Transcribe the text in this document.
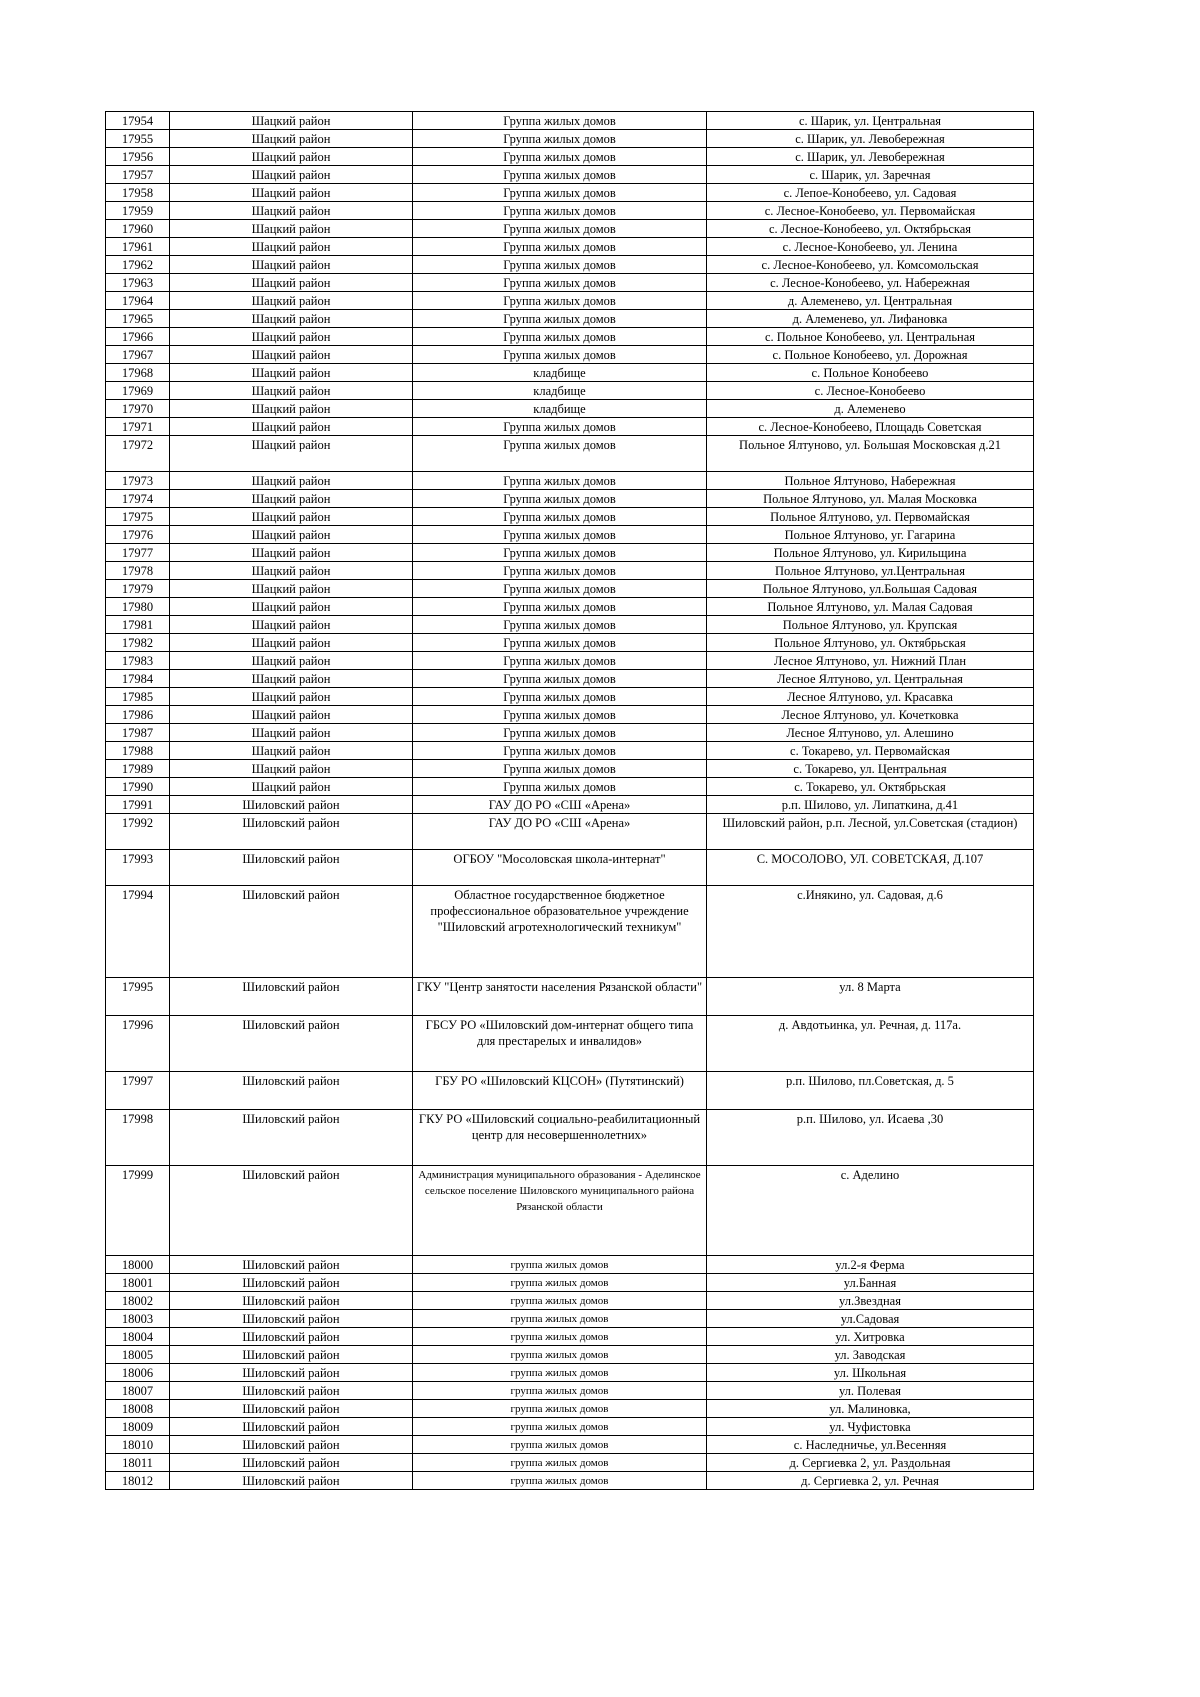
17954	Шацкий район	Группа жилых домов	с. Шарик, ул. Центральная
17955	Шацкий район	Группа жилых домов	с. Шарик, ул. Левобережная
17956	Шацкий район	Группа жилых домов	с. Шарик, ул. Левобережная
17957	Шацкий район	Группа жилых домов	с. Шарик, ул. Заречная
17958	Шацкий район	Группа жилых домов	с. Лепое-Конобеево, ул. Садовая
17959	Шацкий район	Группа жилых домов	с. Лесное-Конобеево, ул. Первомайская
17960	Шацкий район	Группа жилых домов	с. Лесное-Конобеево, ул. Октябрьская
17961	Шацкий район	Группа жилых домов	с. Лесное-Конобеево, ул. Ленина
17962	Шацкий район	Группа жилых домов	с. Лесное-Конобеево, ул. Комсомольская
17963	Шацкий район	Группа жилых домов	с. Лесное-Конобеево, ул. Набережная
17964	Шацкий район	Группа жилых домов	д. Алеменево, ул. Центральная
17965	Шацкий район	Группа жилых домов	д. Алеменево, ул. Лифановка
17966	Шацкий район	Группа жилых домов	с. Польное Конобеево, ул. Центральная
17967	Шацкий район	Группа жилых домов	с. Польное Конобеево, ул. Дорожная
17968	Шацкий район	кладбище	с. Польное Конобеево
17969	Шацкий район	кладбище	с. Лесное-Конобеево
17970	Шацкий район	кладбище	д. Алеменево
17971	Шацкий район	Группа жилых домов	с. Лесное-Конобеево, Площадь Советская
17972	Шацкий район	Группа жилых домов	Польное Ялтуново, ул. Большая Московская д.21
17973	Шацкий район	Группа жилых домов	Польное Ялтуново, Набережная
17974	Шацкий район	Группа жилых домов	Польное Ялтуново, ул. Малая Московка
17975	Шацкий район	Группа жилых домов	Польное Ялтуново, ул. Первомайская
17976	Шацкий район	Группа жилых домов	Польное Ялтуново, уг. Гагарина
17977	Шацкий район	Группа жилых домов	Польное Ялтуново, ул. Кирильщина
17978	Шацкий район	Группа жилых домов	Польное Ялтуново, ул.Центральная
17979	Шацкий район	Группа жилых домов	Польное Ялтуново, ул.Большая Садовая
17980	Шацкий район	Группа жилых домов	Польное Ялтуново, ул. Малая Садовая
17981	Шацкий район	Группа жилых домов	Польное Ялтуново, ул. Крупская
17982	Шацкий район	Группа жилых домов	Польное Ялтуново, ул. Октябрьская
17983	Шацкий район	Группа жилых домов	Лесное Ялтуново, ул. Нижний План
17984	Шацкий район	Группа жилых домов	Лесное Ялтуново, ул. Центральная
17985	Шацкий район	Группа жилых домов	Лесное Ялтуново, ул. Красавка
17986	Шацкий район	Группа жилых домов	Лесное Ялтуново, ул. Кочетковка
17987	Шацкий район	Группа жилых домов	Лесное Ялтуново, ул. Алешино
17988	Шацкий район	Группа жилых домов	с. Токарево, ул. Первомайская
17989	Шацкий район	Группа жилых домов	с. Токарево, ул. Центральная
17990	Шацкий район	Группа жилых домов	с. Токарево, ул. Октябрьская
17991	Шиловский район	ГАУ ДО РО «СШ «Арена»	р.п. Шилово, ул. Липаткина, д.41
17992	Шиловский район	ГАУ ДО РО «СШ «Арена»	Шиловский район, р.п. Лесной, ул.Советская (стадион)
17993	Шиловский район	ОГБОУ "Мосоловская школа-интернат"	С. МОСОЛОВО, УЛ. СОВЕТСКАЯ, Д.107
17994	Шиловский район	Областное государственное бюджетное профессиональное образовательное учреждение "Шиловский агротехнологический техникум"	с.Инякино, ул. Садовая, д.6
17995	Шиловский район	ГКУ "Центр занятости населения Рязанской области"	ул. 8 Марта
17996	Шиловский район	ГБСУ РО «Шиловский дом-интернат общего типа для престарелых и инвалидов»	д. Авдотьинка, ул. Речная, д. 117а.
17997	Шиловский район	ГБУ РО «Шиловский КЦСОН» (Путятинский)	р.п. Шилово, пл.Советская, д. 5
17998	Шиловский район	ГКУ РО «Шиловский социально-реабилитационный центр для несовершеннолетних»	р.п. Шилово, ул. Исаева ,30
17999	Шиловский район	Администрация муниципального образования - Аделинское сельское поселение Шиловского муниципального района Рязанской области	с. Аделино
18000	Шиловский район	группа жилых домов	ул.2-я Ферма
18001	Шиловский район	группа жилых домов	ул.Банная
18002	Шиловский район	группа жилых домов	ул.Звездная
18003	Шиловский район	группа жилых домов	ул.Садовая
18004	Шиловский район	группа жилых домов	ул. Хитровка
18005	Шиловский район	группа жилых домов	ул. Заводская
18006	Шиловский район	группа жилых домов	ул. Школьная
18007	Шиловский район	группа жилых домов	ул. Полевая
18008	Шиловский район	группа жилых домов	ул. Малиновка,
18009	Шиловский район	группа жилых домов	ул. Чуфистовка
18010	Шиловский район	группа жилых домов	с. Наследничье, ул.Весенняя
18011	Шиловский район	группа жилых домов	д. Сергиевка 2, ул. Раздольная
18012	Шиловский район	группа жилых домов	д. Сергиевка 2, ул. Речная
